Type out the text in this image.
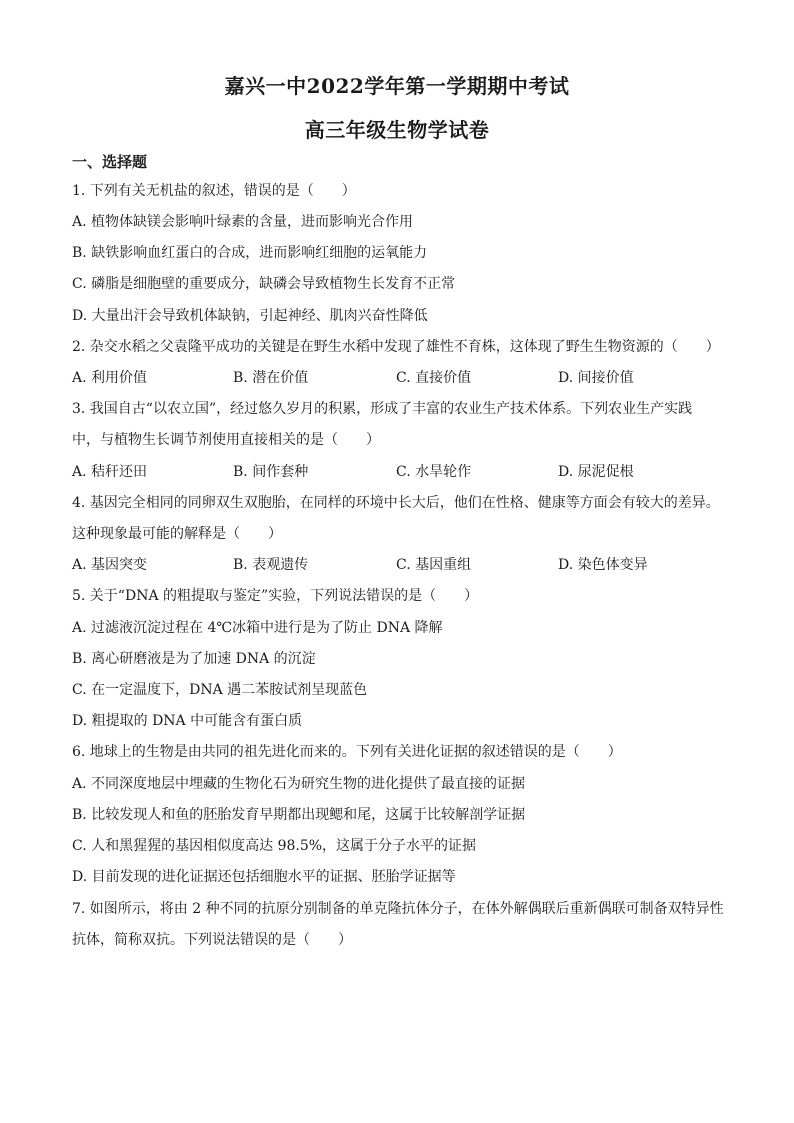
嘉兴一中2022学年第一学期期中考试
高三年级生物学试卷
一、选择题
1. 下列有关无机盐的叙述，错误的是（　　）
A. 植物体缺镁会影响叶绿素的含量，进而影响光合作用
B. 缺铁影响血红蛋白的合成，进而影响红细胞的运氧能力
C. 磷脂是细胞壁的重要成分，缺磷会导致植物生长发育不正常
D. 大量出汗会导致机体缺钠，引起神经、肌肉兴奋性降低
2. 杂交水稻之父袁隆平成功的关键是在野生水稻中发现了雄性不育株，这体现了野生生物资源的（　　）
A. 利用价值	B. 潜在价值	C. 直接价值	D. 间接价值
3. 我国自古“以农立国”，经过悠久岁月的积累，形成了丰富的农业生产技术体系。下列农业生产实践
中，与植物生长调节剂使用直接相关的是（　　）
A. 秸秆还田	B. 间作套种	C. 水旱轮作	D. 尿泥促根
4. 基因完全相同的同卵双生双胞胎，在同样的环境中长大后，他们在性格、健康等方面会有较大的差异。
这种现象最可能的解释是（　　）
A. 基因突变	B. 表观遗传	C. 基因重组	D. 染色体变异
5. 关于“DNA 的粗提取与鉴定”实验，下列说法错误的是（　　）
A. 过滤液沉淀过程在 4℃冰箱中进行是为了防止 DNA 降解
B. 离心研磨液是为了加速 DNA 的沉淀
C. 在一定温度下，DNA 遇二苯胺试剂呈现蓝色
D. 粗提取的 DNA 中可能含有蛋白质
6. 地球上的生物是由共同的祖先进化而来的。下列有关进化证据的叙述错误的是（　　）
A. 不同深度地层中埋藏的生物化石为研究生物的进化提供了最直接的证据
B. 比较发现人和鱼的胚胎发育早期都出现鳃和尾，这属于比较解剖学证据
C. 人和黑猩猩的基因相似度高达 98.5%，这属于分子水平的证据
D. 目前发现的进化证据还包括细胞水平的证据、胚胎学证据等
7. 如图所示，将由 2 种不同的抗原分别制备的单克隆抗体分子，在体外解偶联后重新偶联可制备双特异性
抗体，简称双抗。下列说法错误的是（　　）
